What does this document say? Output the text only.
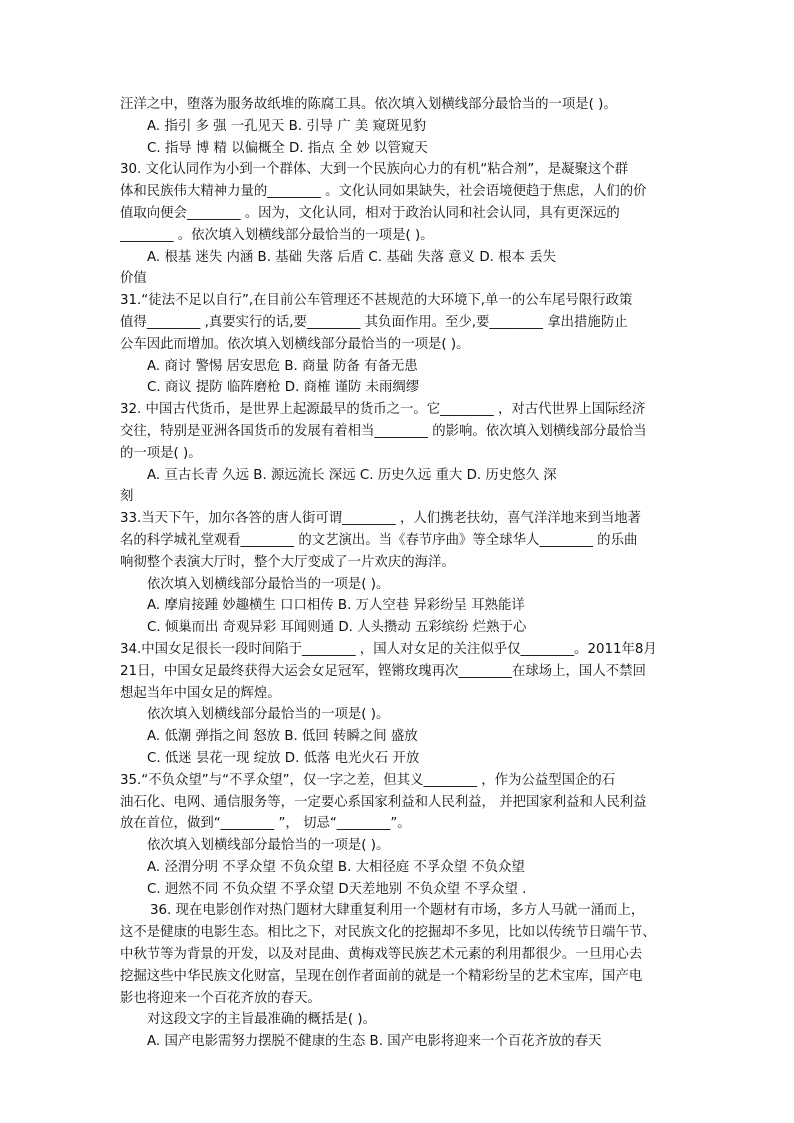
汪洋之中，堕落为服务故纸堆的陈腐工具。依次填入划横线部分最恰当的一项是( )。
A. 指引 多 强 一孔见天 B. 引导 广 美 窥斑见豹
C. 指导 博 精 以偏概全 D. 指点 全 妙 以管窥天
30. 文化认同作为小到一个群体、大到一个民族向心力的有机“粘合剂”，是凝聚这个群
体和民族伟大精神力量的________ 。文化认同如果缺失，社会语境便趋于焦虑，人们的价
值取向便会________ 。因为，文化认同，相对于政治认同和社会认同，具有更深远的
________ 。依次填入划横线部分最恰当的一项是( )。
A. 根基 迷失 内涵 B. 基础 失落 后盾 C. 基础 失落 意义 D. 根本 丢失
价值
31.“徒法不足以自行”,在目前公车管理还不甚规范的大环境下,单一的公车尾号限行政策
值得________ ,真要实行的话,要________ 其负面作用。至少,要________ 拿出措施防止
公车因此而增加。依次填入划横线部分最恰当的一项是( )。
A. 商讨 警惕 居安思危 B. 商量 防备 有备无患
C. 商议 提防 临阵磨枪 D. 商榷 谨防 未雨绸缪
32. 中国古代货币，是世界上起源最早的货币之一。它________ ，对古代世界上国际经济
交往，特别是亚洲各国货币的发展有着相当________ 的影响。依次填入划横线部分最恰当
的一项是( )。
A. 亘古长青 久远 B. 源远流长 深远 C. 历史久远 重大 D. 历史悠久 深
刻
33.当天下午，加尔各答的唐人街可谓________ ，人们携老扶幼，喜气洋洋地来到当地著
名的科学城礼堂观看________ 的文艺演出。当《春节序曲》等全球华人________ 的乐曲
响彻整个表演大厅时，整个大厅变成了一片欢庆的海洋。
依次填入划横线部分最恰当的一项是( )。
A. 摩肩接踵 妙趣横生 口口相传 B. 万人空巷 异彩纷呈 耳熟能详
C. 倾巢而出 奇观异彩 耳闻则通 D. 人头攒动 五彩缤纷 烂熟于心
34.中国女足很长一段时间陷于________ ，国人对女足的关注似乎仅________。2011年8月
21日，中国女足最终获得大运会女足冠军，铿锵玫瑰再次________在球场上，国人不禁回
想起当年中国女足的辉煌。
依次填入划横线部分最恰当的一项是( )。
A. 低潮 弹指之间 怒放 B. 低回 转瞬之间 盛放
C. 低迷 昙花一现 绽放 D. 低落 电光火石 开放
35.“不负众望”与“不孚众望”，仅一字之差，但其义________ ，作为公益型国企的石
油石化、电网、通信服务等，一定要心系国家利益和人民利益， 并把国家利益和人民利益
放在首位，做到“________ ”， 切忌“________”。
依次填入划横线部分最恰当的一项是( )。
A. 泾渭分明 不孚众望 不负众望 B. 大相径庭 不孚众望 不负众望
C. 迥然不同 不负众望 不孚众望 D天差地别 不负众望 不孚众望 .
36. 现在电影创作对热门题材大肆重复利用一个题材有市场，多方人马就一涌而上，
这不是健康的电影生态。相比之下，对民族文化的挖掘却不多见，比如以传统节日端午节、
中秋节等为背景的开发，以及对昆曲、黄梅戏等民族艺术元素的利用都很少。一旦用心去
挖掘这些中华民族文化财富，呈现在创作者面前的就是一个精彩纷呈的艺术宝库，国产电
影也将迎来一个百花齐放的春天。
对这段文字的主旨最准确的概括是( )。
A. 国产电影需努力摆脱不健康的生态 B. 国产电影将迎来一个百花齐放的春天
